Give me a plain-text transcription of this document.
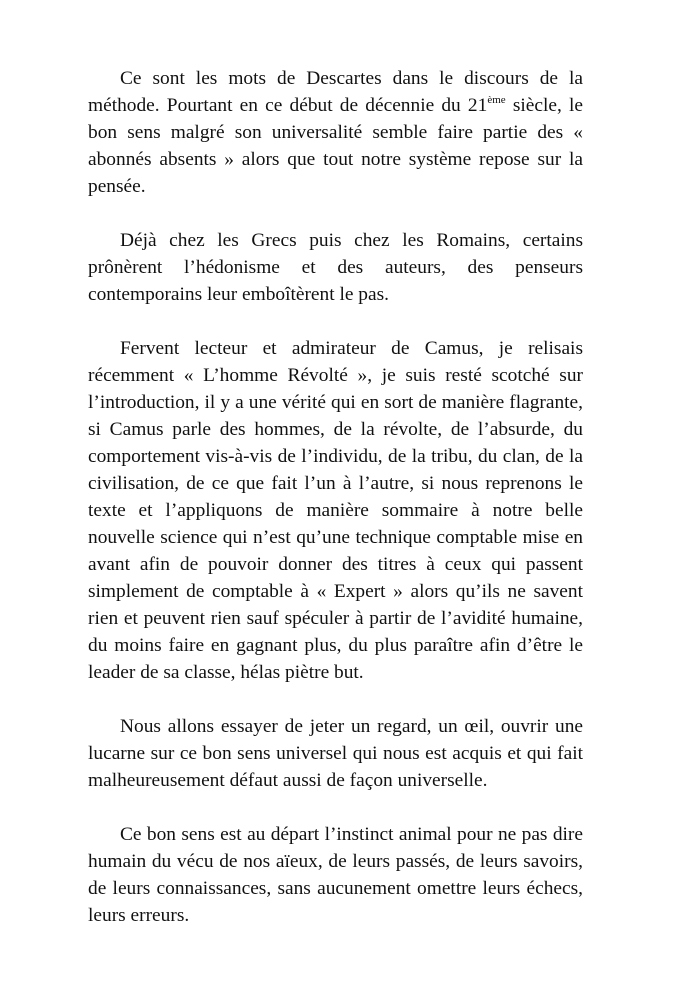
Ce sont les mots de Descartes dans le discours de la méthode. Pourtant en ce début de décennie du 21ème siècle, le bon sens malgré son universalité semble faire partie des « abonnés absents » alors que tout notre système repose sur la pensée.

Déjà chez les Grecs puis chez les Romains, certains prônèrent l’hédonisme et des auteurs, des penseurs contemporains leur emboîtèrent le pas.

Fervent lecteur et admirateur de Camus, je relisais récemment « L’homme Révolté », je suis resté scotché sur l’introduction, il y a une vérité qui en sort de manière flagrante, si Camus parle des hommes, de la révolte, de l’absurde, du comportement vis-à-vis de l’individu, de la tribu, du clan, de la civilisation, de ce que fait l’un à l’autre, si nous reprenons le texte et l’appliquons de manière sommaire à notre belle nouvelle science qui n’est qu’une technique comptable mise en avant afin de pouvoir donner des titres à ceux qui passent simplement de comptable à « Expert » alors qu’ils ne savent rien et peuvent rien sauf spéculer à partir de l’avidité humaine, du moins faire en gagnant plus, du plus paraître afin d’être le leader de sa classe, hélas piètre but.

Nous allons essayer de jeter un regard, un œil, ouvrir une lucarne sur ce bon sens universel qui nous est acquis et qui fait malheureusement défaut aussi de façon universelle.

Ce bon sens est au départ l’instinct animal pour ne pas dire humain du vécu de nos aïeux, de leurs passés, de leurs savoirs, de leurs connaissances, sans aucunement omettre leurs échecs, leurs erreurs.
